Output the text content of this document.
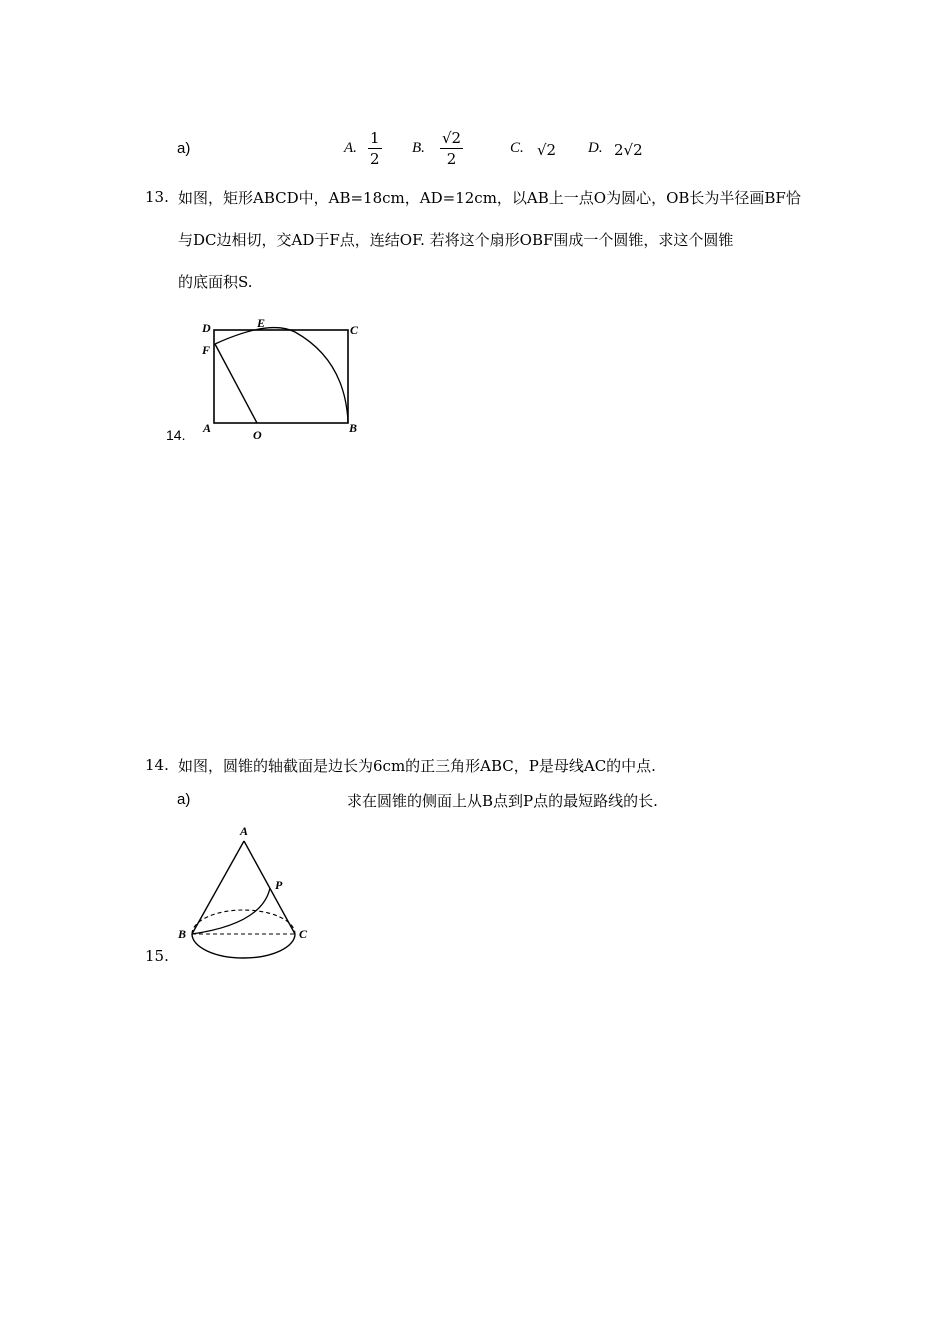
a)	A. $\frac{1}{2} B$. $\frac{√2}{2}$	C. √2 D. 2√2
13. 如图，矩形ABCD中，AB=18cm，AD=12cm，以AB上一点O为圆心，OB长为半径画BF恰
与DC边相切，交AD于F点，连结OF. 若将这个扇形OBF围成一个圆锥，求这个圆锥
的底面积S.
14.
D	E	C
F
A	O	B
14. 如图，圆锥的轴截面是边长为6cm的正三角形ABC，P是母线AC的中点.
a)	求在圆锥的侧面上从B点到P点的最短路线的长.
15.
A
P
B	C
